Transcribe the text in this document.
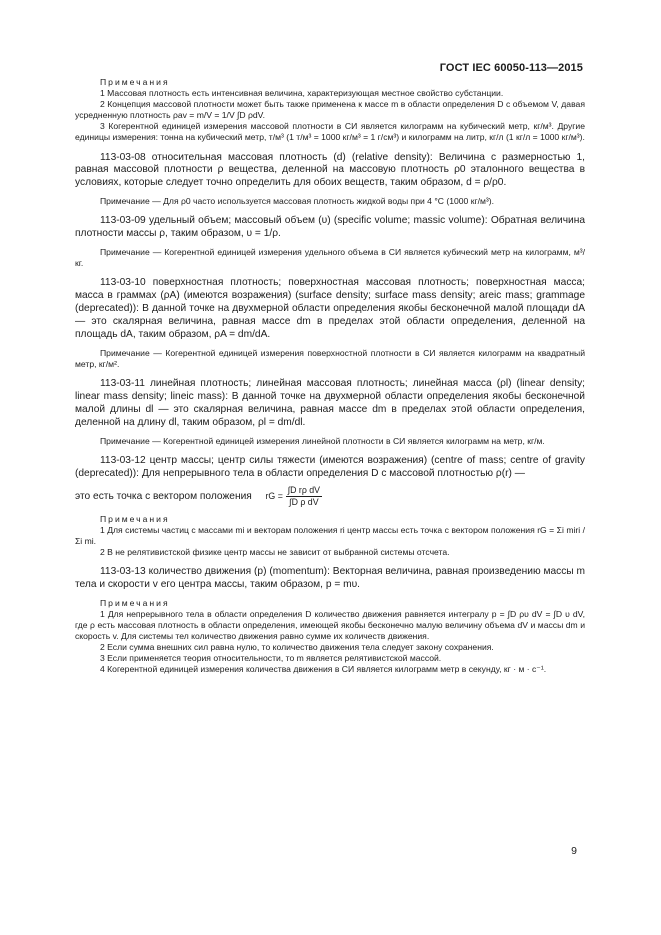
ГОСТ IEC 60050-113—2015

Примечания

1 Массовая плотность есть интенсивная величина, характеризующая местное свойство субстанции.

2 Концепция массовой плотности может быть также применена к массе m в области определения D с объемом V, давая усредненную плотность ρav = m/V = 1/V ∫D ρdV.

3 Когерентной единицей измерения массовой плотности в СИ является килограмм на кубический метр, кг/м³. Другие единицы измерения: тонна на кубический метр, т/м³ (1 т/м³ = 1000 кг/м³ = 1 г/см³) и килограмм на литр, кг/л (1 кг/л = 1000 кг/м³).

113-03-08 относительная массовая плотность (d) (relative density): Величина с размерностью 1, равная массовой плотности ρ вещества, деленной на массовую плотность ρ0 эталонного вещества в условиях, которые следует точно определить для обоих веществ, таким образом, d = ρ/ρ0.

Примечание — Для ρ0 часто используется массовая плотность жидкой воды при 4 °C (1000 кг/м³).

113-03-09 удельный объем; массовый объем (υ) (specific volume; massic volume): Обратная величина плотности массы ρ, таким образом, υ = 1/ρ.

Примечание — Когерентной единицей измерения удельного объема в СИ является кубический метр на килограмм, м³/кг.

113-03-10 поверхностная плотность; поверхностная массовая плотность; поверхностная масса; масса в граммах (ρA) (имеются возражения) (surface density; surface mass density; areic mass; grammage (deprecated)): В данной точке на двухмерной области определения якобы бесконечной малой площади dA — это скалярная величина, равная массе dm в пределах этой области определения, деленной на площадь dA, таким образом, ρA = dm/dA.

Примечание — Когерентной единицей измерения поверхностной плотности в СИ является килограмм на квадратный метр, кг/м².

113-03-11 линейная плотность; линейная массовая плотность; линейная масса (ρl) (linear density; linear mass density; lineic mass): В данной точке на двухмерной области определения якобы бесконечной малой длины dl — это скалярная величина, равная массе dm в пределах этой области определения, деленной на длину dl, таким образом, ρl = dm/dl.

Примечание — Когерентной единицей измерения линейной плотности в СИ является килограмм на метр, кг/м.

113-03-12 центр массы; центр силы тяжести (имеются возражения) (centre of mass; centre of gravity (deprecated)): Для непрерывного тела в области определения D с массовой плотностью ρ(r) —

это есть точка с вектором положения rG = $\frac{\text{∫D rρ dV}}{\text{∫D ρ dV}}$

Примечания

1 Для системы частиц с массами mi и векторам положения ri центр массы есть точка с вектором положения rG = Σi miri / Σi mi.

2 В не релятивистской физике центр массы не зависит от выбранной системы отсчета.

113-03-13 количество движения (p) (momentum): Векторная величина, равная произведению массы m тела и скорости v его центра массы, таким образом, p = mυ.

Примечания

1 Для непрерывного тела в области определения D количество движения равняется интегралу p = ∫D ρυ dV = ∫D υ dV, где ρ есть массовая плотность в области определения, имеющей якобы бесконечно малую величину объема dV и массы dm и скорость v. Для системы тел количество движения равно сумме их количеств движения.

2 Если сумма внешних сил равна нулю, то количество движения тела следует закону сохранения.

3 Если применяется теория относительности, то m является релятивистской массой.

4 Когерентной единицей измерения количества движения в СИ является килограмм метр в секунду, кг · м · с⁻¹.

9
